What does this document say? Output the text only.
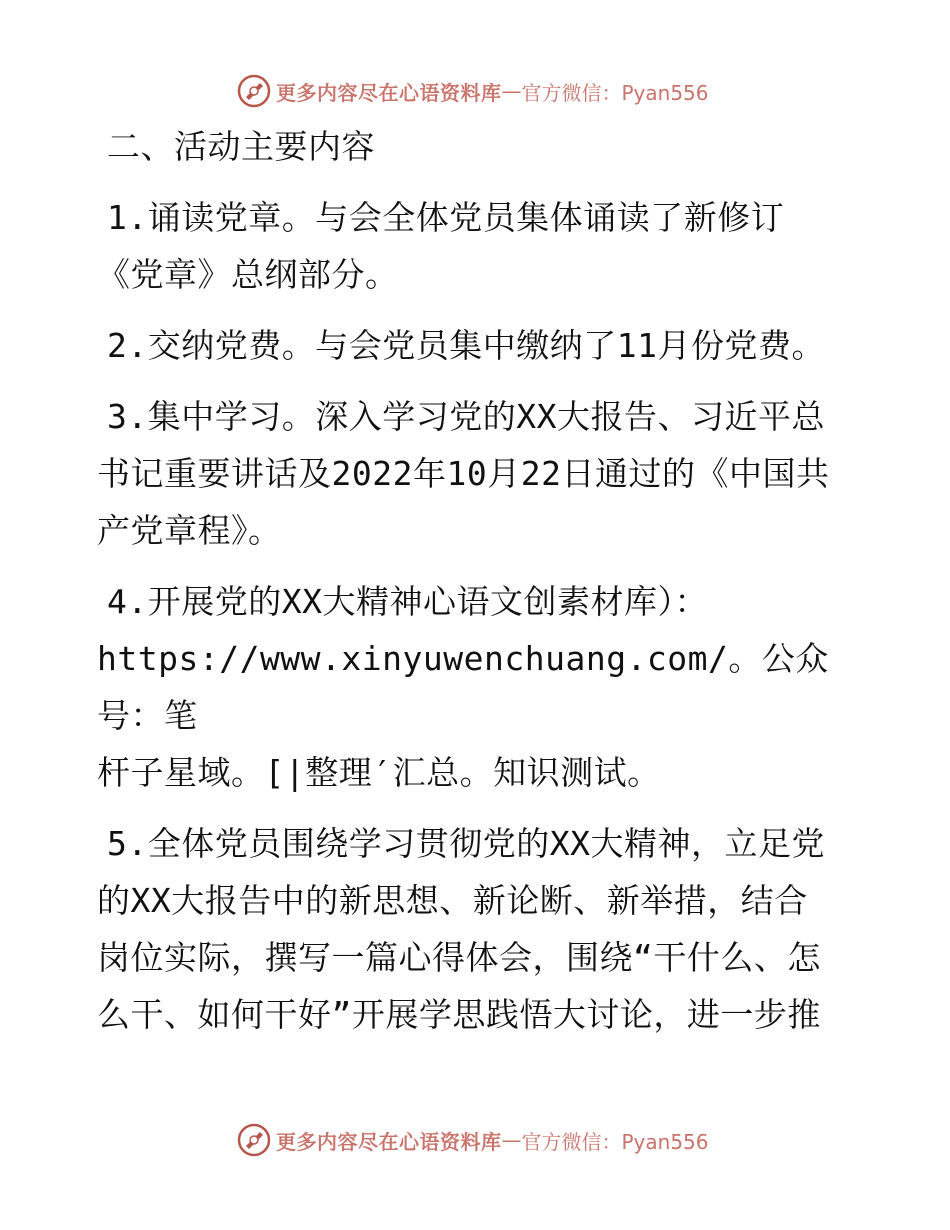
更多内容尽在心语资料库 — 官方微信：Pyan556
二、活动主要内容

1.诵读党章。与会全体党员集体诵读了新修订

《党章》总纲部分。

2.交纳党费。与会党员集中缴纳了11月份党费。

3.集中学习。深入学习党的XX大报告、习近平总

书记重要讲话及2022年10月22日通过的《中国共

产党章程》。

4.开展党的XX大精神心语文创素材库）：

https://www.xinyuwenchuang.com/。公众号：笔

杆子星域。[|整理′汇总。知识测试。

5.全体党员围绕学习贯彻党的XX大精神，立足党

的XX大报告中的新思想、新论断、新举措，结合

岗位实际，撰写一篇心得体会，围绕“干什么、怎

么干、如何干好”开展学思践悟大讨论，进一步推

更多内容尽在心语资料库 — 官方微信：Pyan556
